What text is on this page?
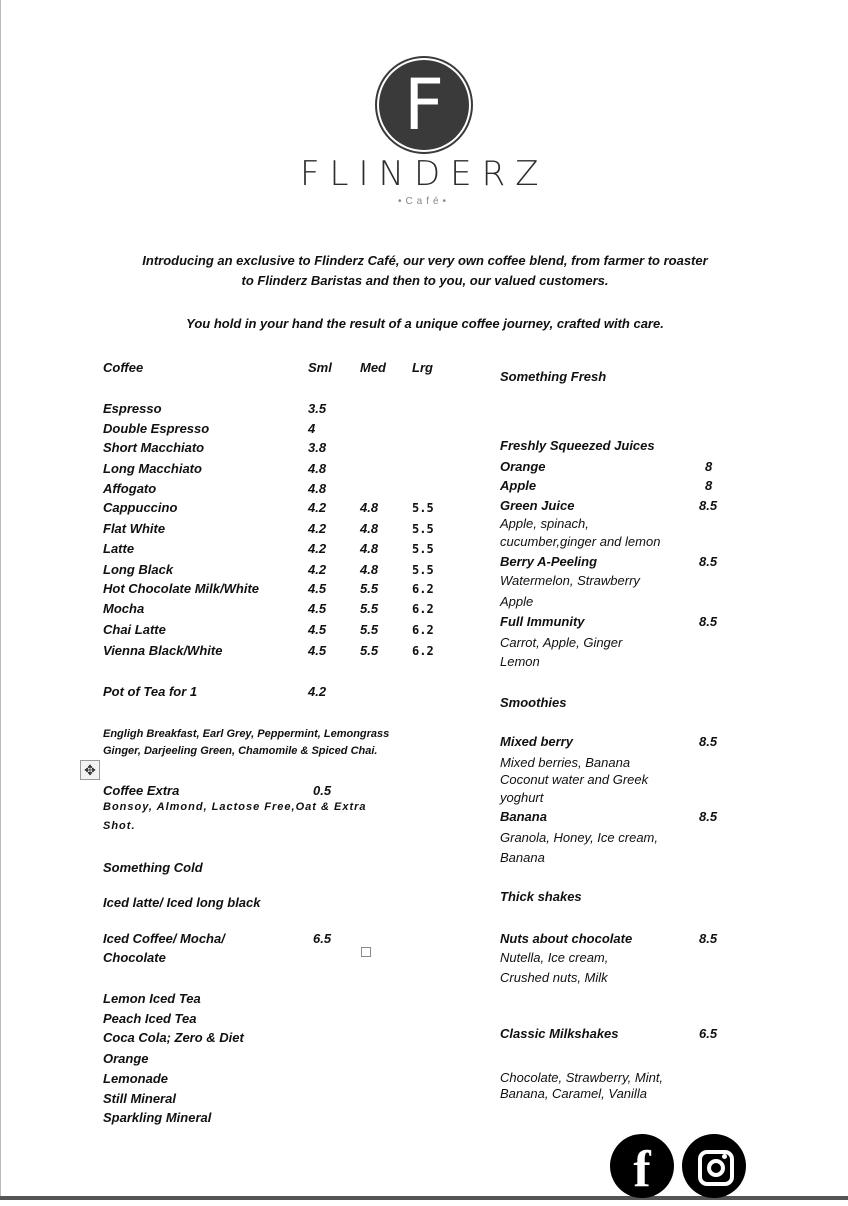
F
FLINDERZ
•Café•
Introducing an exclusive to Flinderz Café, our very own coffee blend, from farmer to roaster
to Flinderz Baristas and then to you, our valued customers.
You hold in your hand the result of a unique coffee journey, crafted with care.
Coffee	Sml Med Lrg
Espresso	3.5
Double Espresso	4
Short Macchiato	3.8
Long Macchiato	4.8
Affogato	4.8
Cappuccino	4.2	4.8	5.5
Flat White	4.2	4.8	5.5
Latte	4.2	4.8	5.5
Long Black	4.2	4.8	5.5
Hot Chocolate Milk/White	4.5	5.5	6.2
Mocha	4.5	5.5	6.2
Chai Latte	4.5	5.5	6.2
Vienna Black/White	4.5	5.5	6.2
Pot of Tea for 1	4.2
Engligh Breakfast, Earl Grey, Peppermint, Lemongrass
Ginger, Darjeeling Green, Chamomile & Spiced Chai.
✥
Coffee Extra	0.5
Bonsoy, Almond, Lactose Free,Oat & Extra
Shot.
Something Cold
Iced latte/ Iced long black
Iced Coffee/ Mocha/	6.5
Chocolate
Lemon Iced Tea
Peach Iced Tea
Coca Cola; Zero & Diet
Orange
Lemonade
Still Mineral
Sparkling Mineral
Something Fresh
Freshly Squeezed Juices
Orange	8
Apple	8
Green Juice	8.5
Apple, spinach,
cucumber,ginger and lemon
Berry A-Peeling	8.5
Watermelon, Strawberry
Apple
Full Immunity	8.5
Carrot, Apple, Ginger
Lemon
Smoothies
Mixed berry	8.5
Mixed berries, Banana
Coconut water and Greek
yoghurt
Banana	8.5
Granola, Honey, Ice cream,
Banana
Thick shakes
Nuts about chocolate	8.5
Nutella, Ice cream,
Crushed nuts, Milk
Classic Milkshakes	6.5
Chocolate, Strawberry, Mint,
Banana, Caramel, Vanilla
f
